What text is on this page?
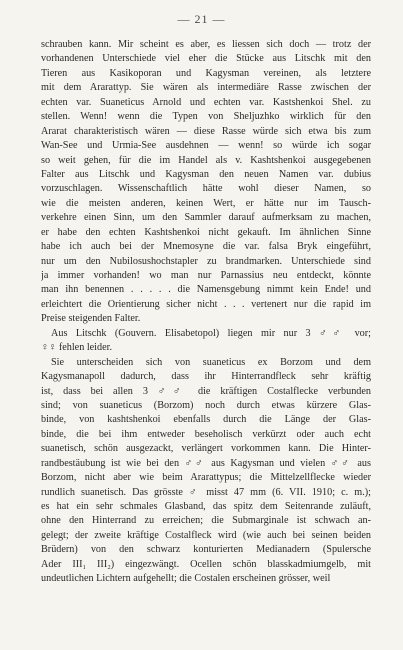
— 21 —
schrauben kann. Mir scheint es aber, es liessen sich doch — trotz der
vorhandenen Unterschiede viel eher die Stücke aus Litschk mit den
Tieren aus Kasikoporan und Kagysman vereinen, als letztere
mit dem Ararattyp. Sie wären als intermediäre Rasse zwischen der
echten var. Suaneticus Arnold und echten var. Kastshenkoi Shel. zu
stellen. Wenn! wenn die Typen von Sheljuzhko wirklich für den
Ararat charakteristisch wären — diese Rasse würde sich etwa bis zum
Wan-See und Urmia-See ausdehnen — wenn! so würde ich sogar
so weit gehen, für die im Handel als v. Kashtshenkoi ausgegebenen
Falter aus Litschk und Kagysman den neuen Namen var. dubius
vorzuschlagen. Wissenschaftlich hätte wohl dieser Namen, so
wie die meisten anderen, keinen Wert, er hätte nur im Tausch-
verkehre einen Sinn, um den Sammler darauf aufmerksam zu machen,
er habe den echten Kashtshenkoi nicht gekauft. Im ähnlichen Sinne
habe ich auch bei der Mnemosyne die var. falsa Bryk eingeführt,
nur um den Nubilosushochstapler zu brandmarken. Unterschiede sind
ja immer vorhanden! wo man nur Parnassius neu entdeckt, könnte
man ihn benennen . . . . . die Namensgebung nimmt kein Ende! und
erleichtert die Orientierung sicher nicht . . . vertenert nur die rapid im
Preise steigenden Falter.
Aus Litschk (Gouvern. Elisabetopol) liegen mir nur 3 ♂♂ vor;
♀♀ fehlen leider.
Sie unterscheiden sich von suaneticus ex Borzom und dem
Kagysmanapoll dadurch, dass ihr Hinterrandfleck sehr kräftig
ist, dass bei allen 3 ♂♂ die kräftigen Costalflecke verbunden
sind; von suaneticus (Borzom) noch durch etwas kürzere Glas-
binde, von kashtshenkoi ebenfalls durch die Länge der Glas-
binde, die bei ihm entweder beseholisch verkürzt oder auch echt
suanetisch, schön ausgezackt, verlängert vorkommen kann. Die Hinter-
randbestäubung ist wie bei den ♂♂ aus Kagysman und vielen ♂♂ aus
Borzom, nicht aber wie beim Ararattypus; die Mittelzellflecke wieder
rundlich suanetisch. Das grösste ♂ misst 47 mm (6. VII. 1910; c. m.);
es hat ein sehr schmales Glasband, das spitz dem Seitenrande zuläuft,
ohne den Hinterrand zu erreichen; die Submarginale ist schwach an-
gelegt; der zweite kräftige Costalfleck wird (wie auch bei seinen beiden
Brüdern) von den schwarz konturierten Medianadern (Spulersche
Ader III₁ III₂) eingezwängt. Ocellen schön blasskadmiumgelb, mit
undeutlichen Lichtern aufgehellt; die Costalen erscheinen grösser, weil
